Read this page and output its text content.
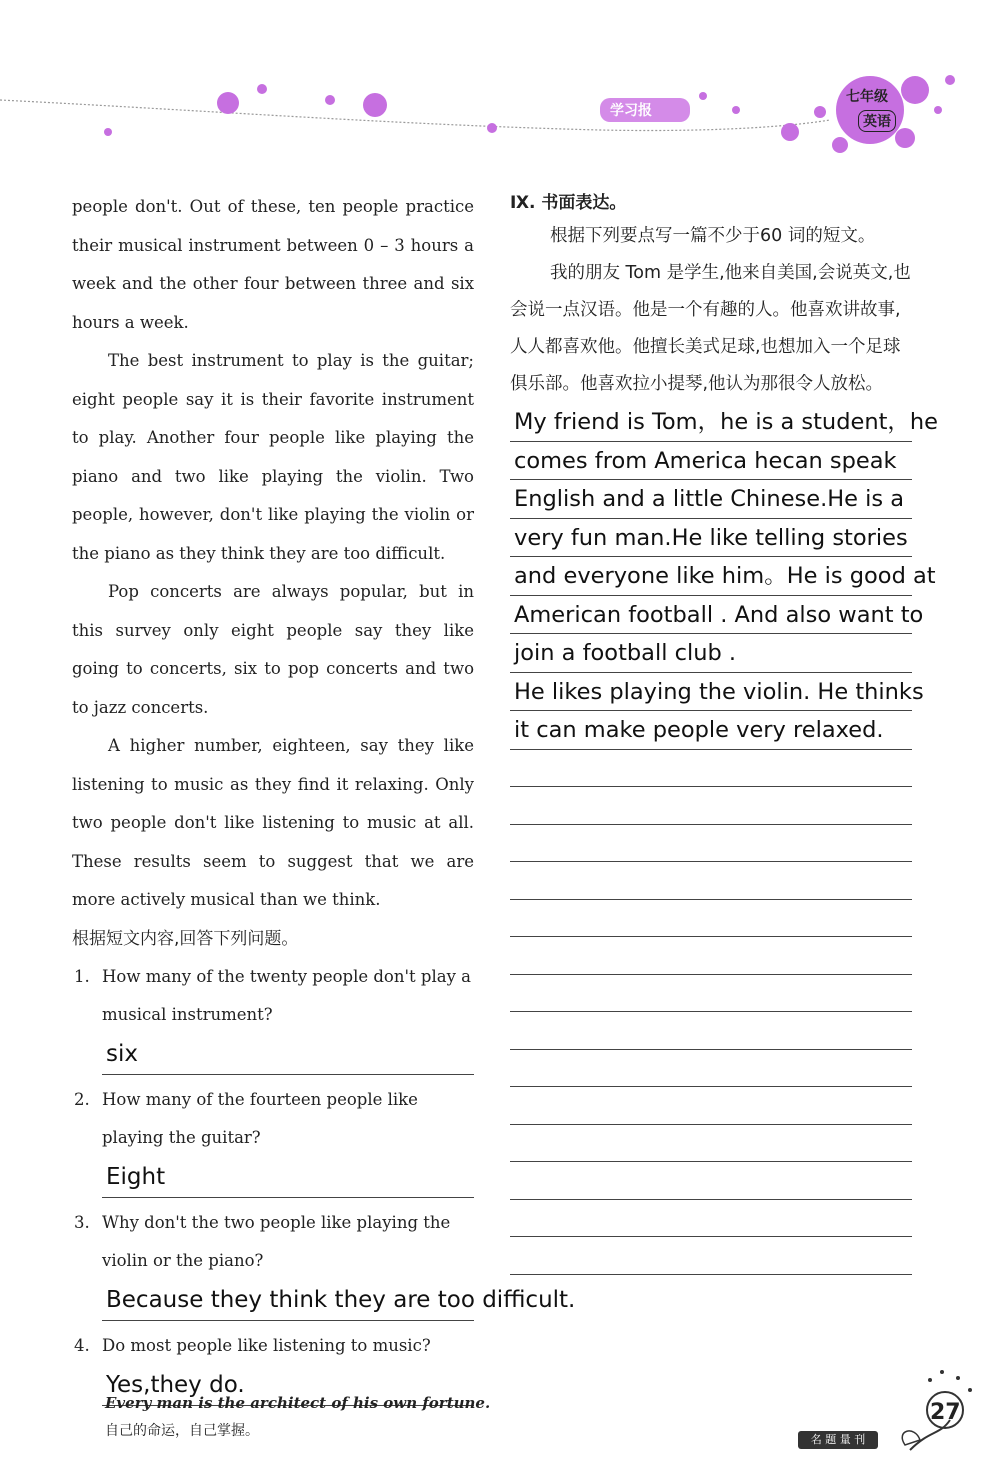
学习报
七年级
英语

people don't. Out of these, ten people practice their musical instrument between 0 – 3 hours a week and the other four between three and six hours a week.

The best instrument to play is the guitar; eight people say it is their favorite instrument to play. Another four people like playing the piano and two like playing the violin. Two people, however, don't like playing the violin or the piano as they think they are too difficult.

Pop concerts are always popular, but in this survey only eight people say they like going to concerts, six to pop concerts and two to jazz concerts.

A higher number, eighteen, say they like listening to music as they find it relaxing. Only two people don't like listening to music at all. These results seem to suggest that we are more actively musical than we think.

根据短文内容,回答下列问题。

1. How many of the twenty people don't play a musical instrument?

six

2. How many of the fourteen people like playing the guitar?

Eight

3. Why don't the two people like playing the violin or the piano?

Because they think they are too difficult.

4. Do most people like listening to music?

Yes,they do.
Ⅸ. 书面表达。

根据下列要点写一篇不少于60 词的短文。

我的朋友 Tom 是学生,他来自美国,会说英文,也会说一点汉语。他是一个有趣的人。他喜欢讲故事,人人都喜欢他。他擅长美式足球,也想加入一个足球俱乐部。他喜欢拉小提琴,他认为那很令人放松。

My friend is Tom，he is a student，he
comes from America hecan speak
English and a little Chinese.He is a
very fun man.He like telling stories
and everyone like him。He is good at
American football . And also want to
join a football club .
He likes playing the violin. He thinks
it can make people very relaxed.
Every man is the architect of his own fortune.
自己的命运，自己掌握。
27
名 题 量 刊
